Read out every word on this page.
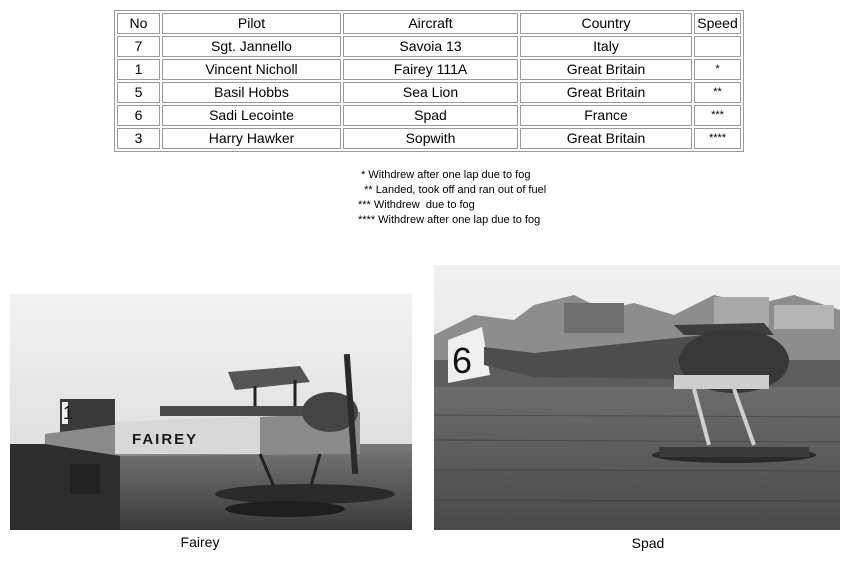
No	Pilot	Aircraft	Country	Speed
7	Sgt. Jannello	Savoia 13	Italy	
1	Vincent Nicholl	Fairey 111A	Great Britain	*
5	Basil Hobbs	Sea Lion	Great Britain	**
6	Sadi Lecointe	Spad	France	***
3	Harry Hawker	Sopwith	Great Britain	****
* Withdrew after one lap due to fog
** Landed, took off and ran out of fuel
*** Withdrew  due to fog
**** Withdrew after one lap due to fog
1
FAIREY
Fairey
6
Spad
